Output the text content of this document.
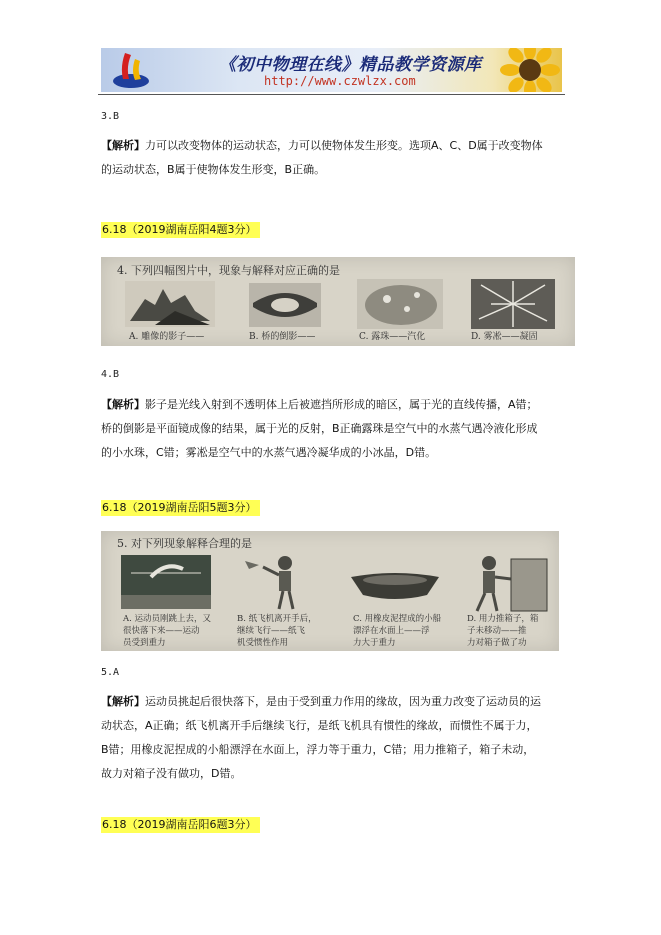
《初中物理在线》精品教学资源库
http://www.czwlzx.com
3.B
【解析】力可以改变物体的运动状态，力可以使物体发生形变。选项A、C、D属于改变物体
的运动状态，B属于使物体发生形变，B正确。
6.18（2019湖南岳阳4题3分）
4. 下列四幅图片中，现象与解释对应正确的是
A. 雕像的影子——	B. 桥的倒影——	C. 露珠——汽化	D. 雾凇——凝固
4.B
【解析】影子是光线入射到不透明体上后被遮挡所形成的暗区，属于光的直线传播，A错；
桥的倒影是平面镜成像的结果，属于光的反射，B正确露珠是空气中的水蒸气遇冷液化形成
的小水珠，C错；雾凇是空气中的水蒸气遇冷凝华成的小冰晶，D错。
6.18（2019湖南岳阳5题3分）
5. 对下列现象解释合理的是
A. 运动员刚跳上去，又
很快落下来——运动
员受到重力
B. 纸飞机离开手后，
继续飞行——纸飞
机受惯性作用
C. 用橡皮泥捏成的小船
漂浮在水面上——浮
力大于重力
D. 用力推箱子，箱
子未移动——推
力对箱子做了功
5.A
【解析】运动员挑起后很快落下，是由于受到重力作用的缘故，因为重力改变了运动员的运
动状态，A正确；纸飞机离开手后继续飞行，是纸飞机具有惯性的缘故，而惯性不属于力，
B错；用橡皮泥捏成的小船漂浮在水面上，浮力等于重力，C错；用力推箱子，箱子未动，
故力对箱子没有做功，D错。
6.18（2019湖南岳阳6题3分）
